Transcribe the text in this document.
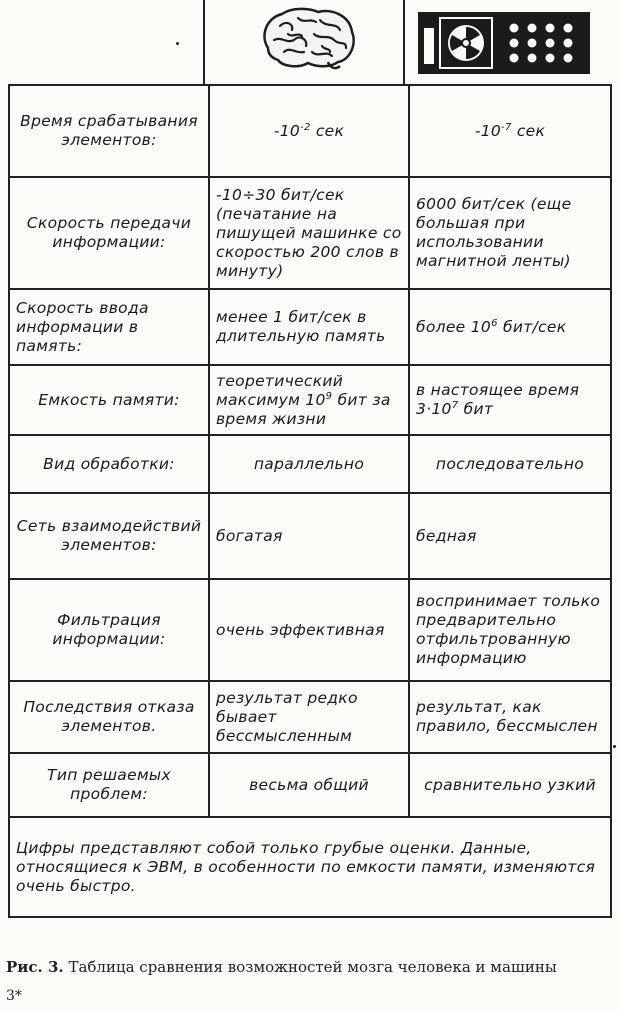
Время срабатывания элементов:	$-10^{-2}$ сек	$-10^{-7}$ сек
Скорость передачи информации:	-10÷30 бит/сек (печатание на пишущей машинке со скоростью 200 слов в минуту)	6000 бит/сек (еще большая при использовании магнитной ленты)
Скорость ввода информации в память:	менее 1 бит/сек в длительную память	более $10^6$ бит/сек
Емкость памяти:	теоретический максимум $10^9$ бит за время жизни	в настоящее время $3\cdot 10^7$ бит
Вид обработки:	параллельно	последовательно
Сеть взаимодействий элементов:	богатая	бедная
Фильтрация информации:	очень эффективная	воспринимает только предварительно отфильтрованную информацию
Последствия отказа элементов.	результат редко бывает бессмысленным	результат, как правило, бессмыслен
Тип решаемых проблем:	весьма общий	сравнительно узкий
Цифры представляют собой только грубые оценки. Данные, относящиеся к ЭВМ, в особенности по емкости памяти, изменяются очень быстро.		
Рис. 3. Таблица сравнения возможностей мозга человека и машины
3*
